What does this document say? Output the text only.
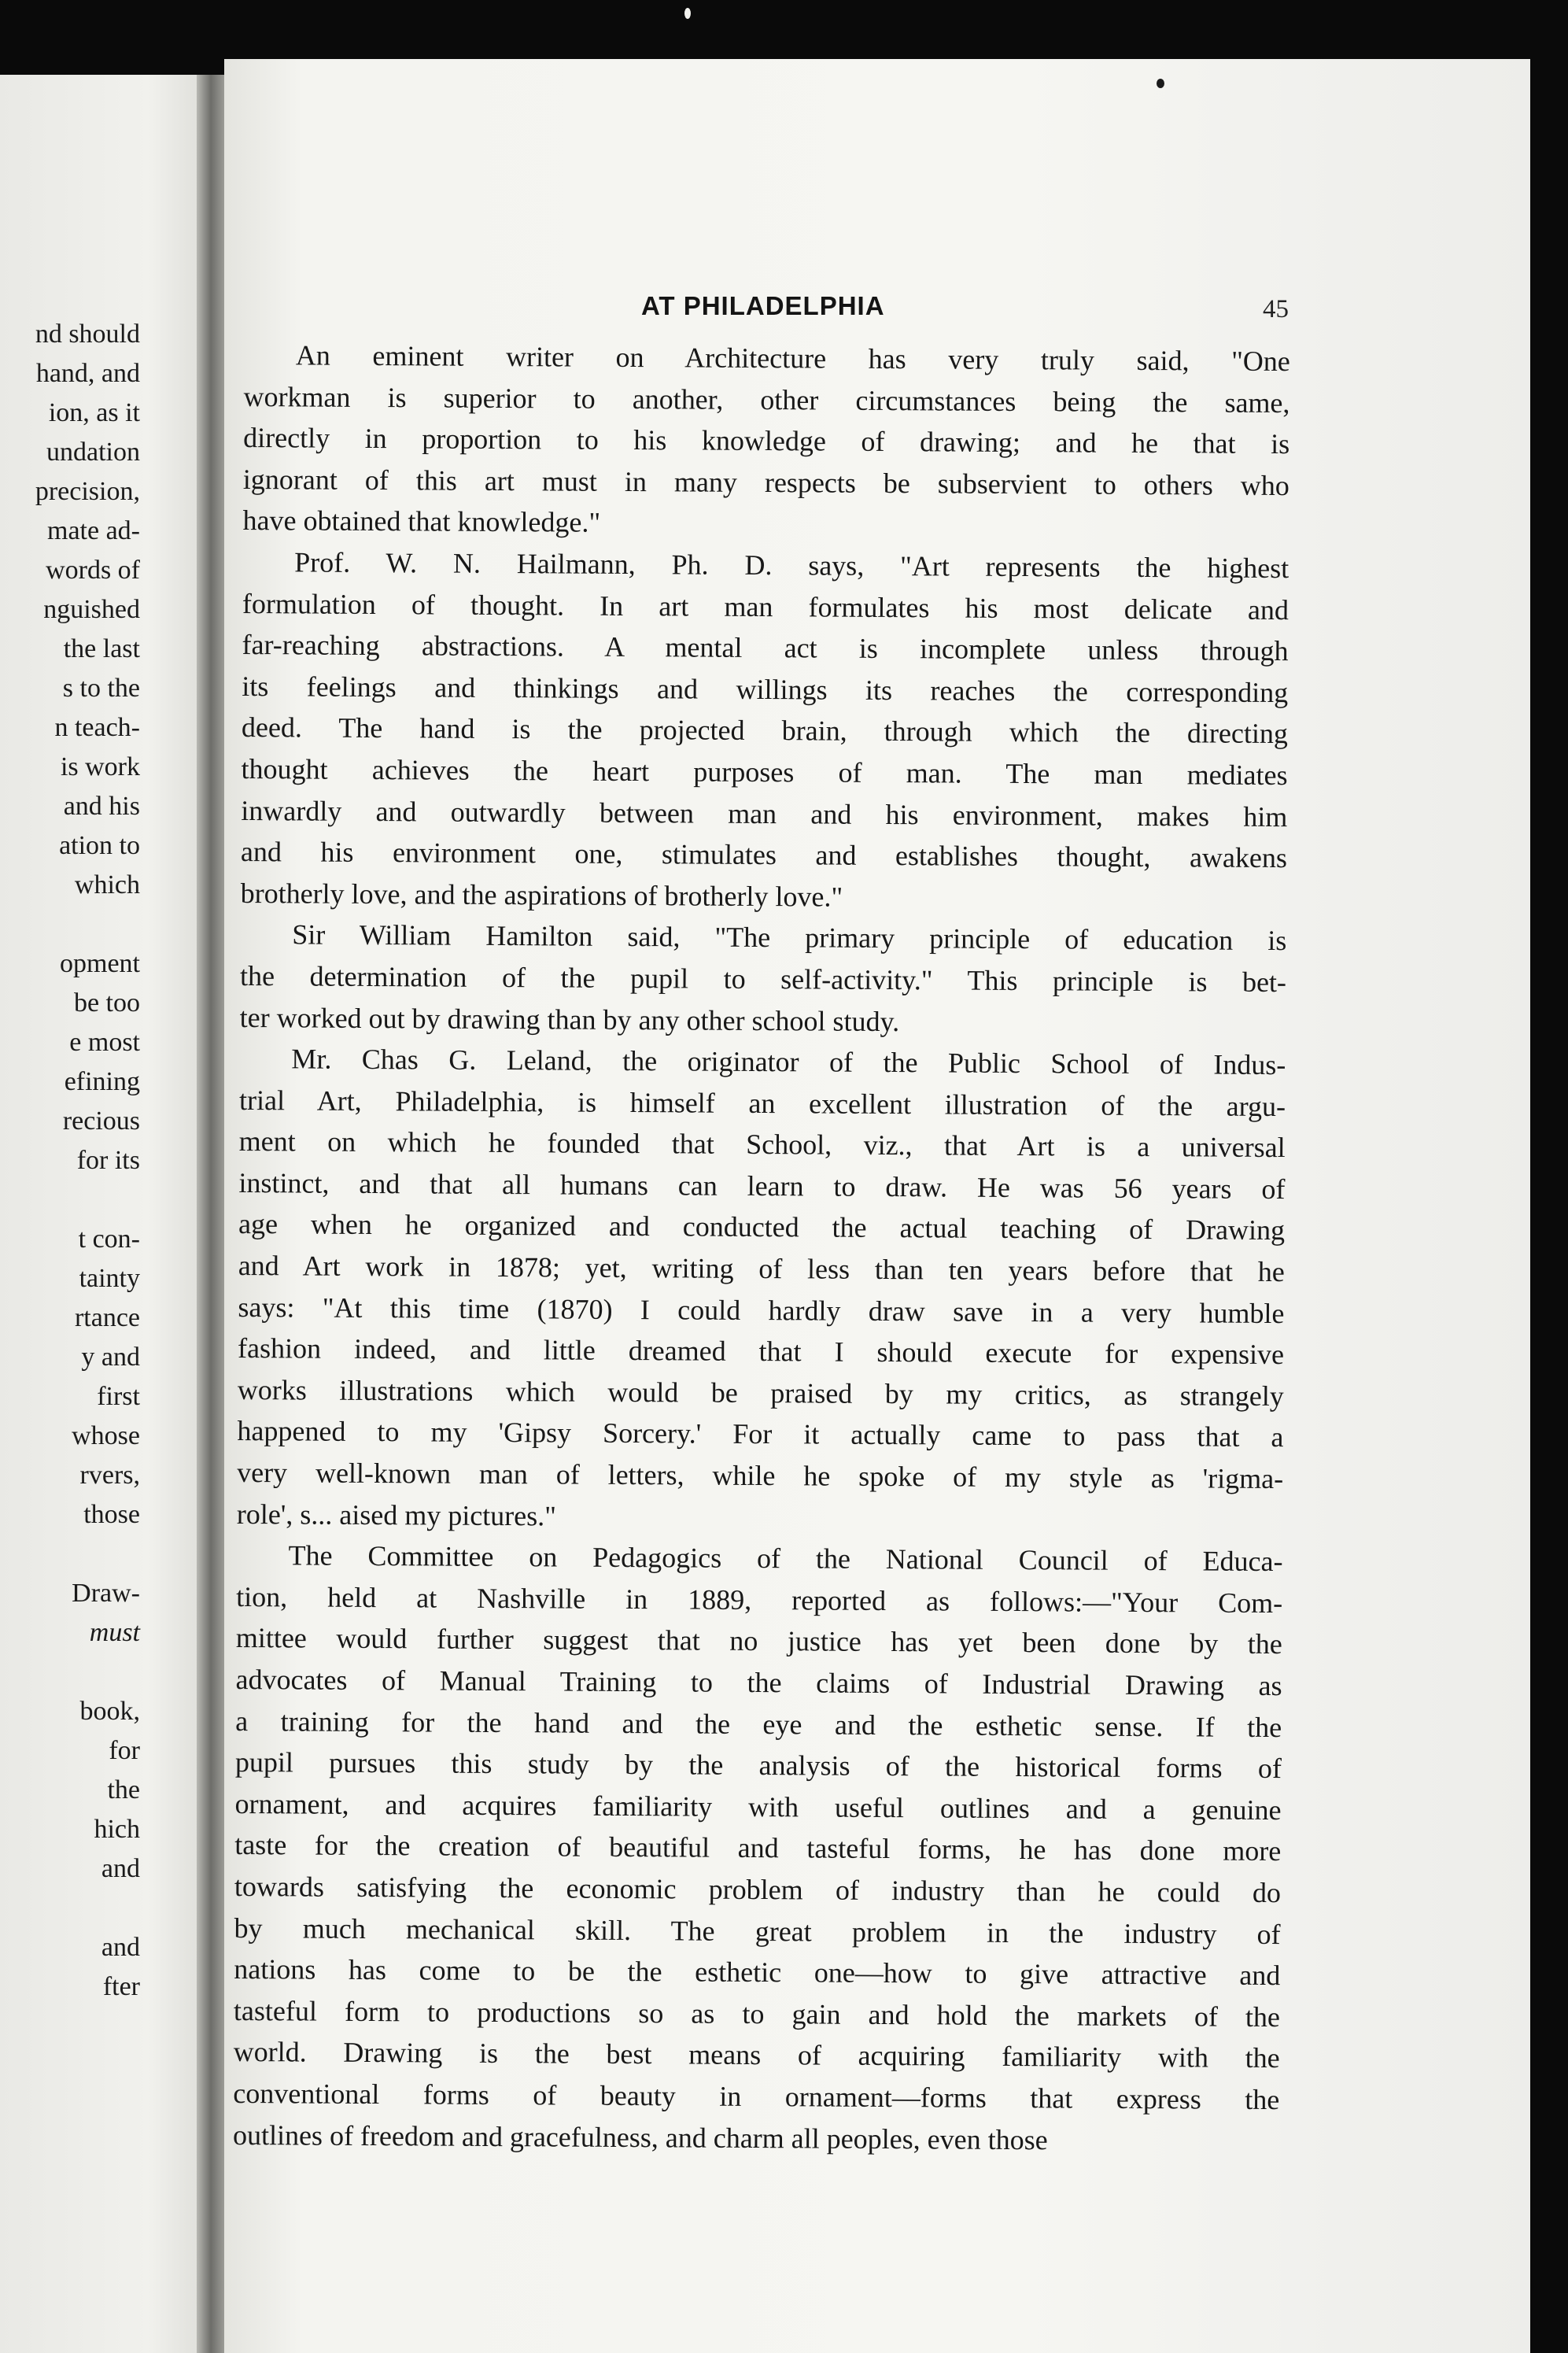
nd should
hand, and
ion, as it
undation
precision,
mate ad-
words of
nguished
the last
s to the
n teach-
is work
and his
ation to
which
opment
be too
e most
efining
recious
for its
t con-
tainty
rtance
y and
first
whose
rvers,
those
Draw-
must
book,
for
the
hich
and
and
fter
AT PHILADELPHIA	45
An eminent writer on Architecture has very truly said, "One
workman is superior to another, other circumstances being the same,
directly in proportion to his knowledge of drawing; and he that is
ignorant of this art must in many respects be subservient to others who
have obtained that knowledge."
Prof. W. N. Hailmann, Ph. D. says, "Art represents the highest
formulation of thought. In art man formulates his most delicate and
far-reaching abstractions. A mental act is incomplete unless through
its feelings and thinkings and willings its reaches the corresponding
deed. The hand is the projected brain, through which the directing
thought achieves the heart purposes of man. The man mediates
inwardly and outwardly between man and his environment, makes him
and his environment one, stimulates and establishes thought, awakens
brotherly love, and the aspirations of brotherly love."
Sir William Hamilton said, "The primary principle of education is
the determination of the pupil to self-activity." This principle is bet-
ter worked out by drawing than by any other school study.
Mr. Chas G. Leland, the originator of the Public School of Indus-
trial Art, Philadelphia, is himself an excellent illustration of the argu-
ment on which he founded that School, viz., that Art is a universal
instinct, and that all humans can learn to draw. He was 56 years of
age when he organized and conducted the actual teaching of Drawing
and Art work in 1878; yet, writing of less than ten years before that he
says: "At this time (1870) I could hardly draw save in a very humble
fashion indeed, and little dreamed that I should execute for expensive
works illustrations which would be praised by my critics, as strangely
happened to my 'Gipsy Sorcery.' For it actually came to pass that a
very well-known man of letters, while he spoke of my style as 'rigma-
role', s... aised my pictures."
The Committee on Pedagogics of the National Council of Educa-
tion, held at Nashville in 1889, reported as follows:—"Your Com-
mittee would further suggest that no justice has yet been done by the
advocates of Manual Training to the claims of Industrial Drawing as
a training for the hand and the eye and the esthetic sense. If the
pupil pursues this study by the analysis of the historical forms of
ornament, and acquires familiarity with useful outlines and a genuine
taste for the creation of beautiful and tasteful forms, he has done more
towards satisfying the economic problem of industry than he could do
by much mechanical skill. The great problem in the industry of
nations has come to be the esthetic one—how to give attractive and
tasteful form to productions so as to gain and hold the markets of the
world. Drawing is the best means of acquiring familiarity with the
conventional forms of beauty in ornament—forms that express the
outlines of freedom and gracefulness, and charm all peoples, even those
